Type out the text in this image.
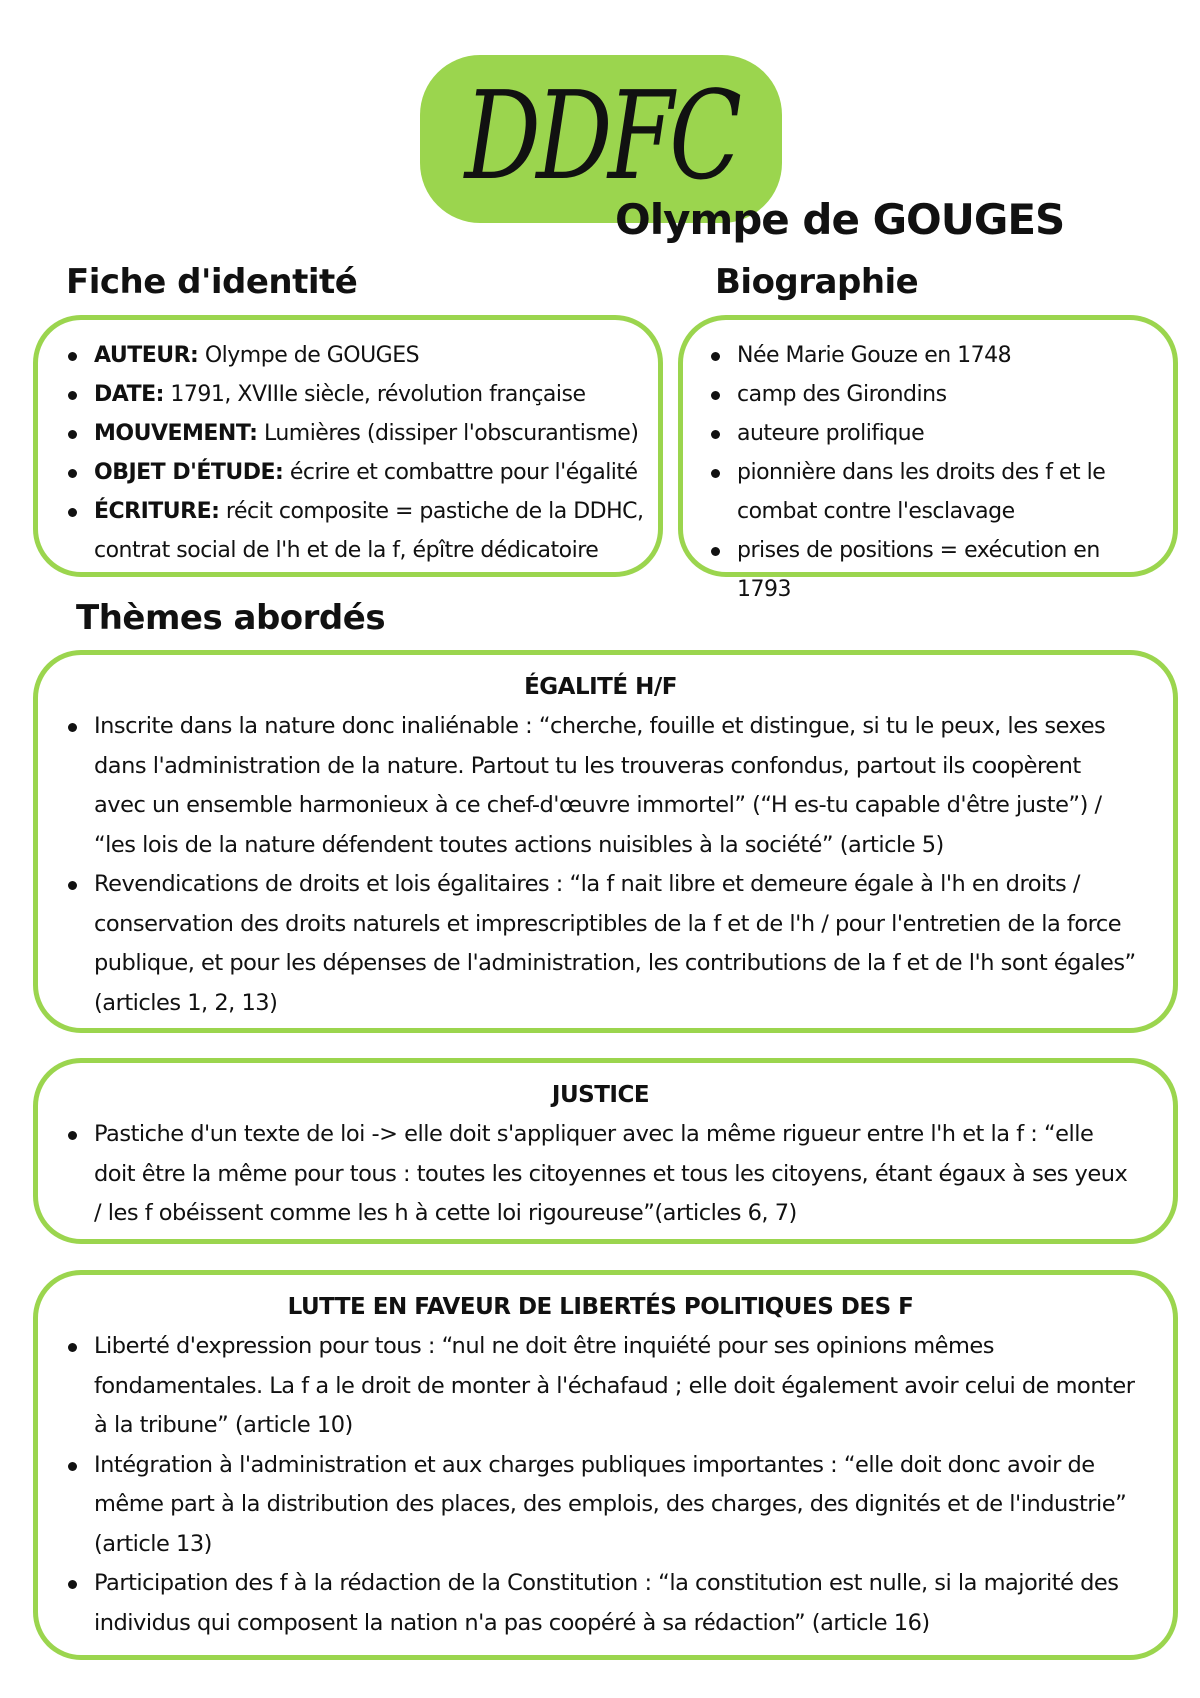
DDFC
Olympe de GOUGES
Fiche d'identité	Biographie
AUTEUR: Olympe de GOUGES
DATE: 1791, XVIIIe siècle, révolution française
MOUVEMENT: Lumières (dissiper l'obscurantisme)
OBJET D'ÉTUDE: écrire et combattre pour l'égalité
ÉCRITURE: récit composite = pastiche de la DDHC, contrat social de l'h et de la f, épître dédicatoire
Née Marie Gouze en 1748
camp des Girondins
auteure prolifique
pionnière dans les droits des f et le combat contre l'esclavage
prises de positions = exécution en 1793
Thèmes abordés
ÉGALITÉ H/F
Inscrite dans la nature donc inaliénable : “cherche, fouille et distingue, si tu le peux, les sexes dans l'administration de la nature. Partout tu les trouveras confondus, partout ils coopèrent avec un ensemble harmonieux à ce chef-d'œuvre immortel” (“H es-tu capable d'être juste”) / “les lois de la nature défendent toutes actions nuisibles à la société” (article 5)
Revendications de droits et lois égalitaires : “la f nait libre et demeure égale à l'h en droits / conservation des droits naturels et imprescriptibles de la f et de l'h / pour l'entretien de la force publique, et pour les dépenses de l'administration, les contributions de la f et de l'h sont égales” (articles 1, 2, 13)
JUSTICE
Pastiche d'un texte de loi -> elle doit s'appliquer avec la même rigueur entre l'h et la f : “elle doit être la même pour tous : toutes les citoyennes et tous les citoyens, étant égaux à ses yeux / les f obéissent comme les h à cette loi rigoureuse”(articles 6, 7)
LUTTE EN FAVEUR DE LIBERTÉS POLITIQUES DES F
Liberté d'expression pour tous : “nul ne doit être inquiété pour ses opinions mêmes fondamentales. La f a le droit de monter à l'échafaud ; elle doit également avoir celui de monter à la tribune” (article 10)
Intégration à l'administration et aux charges publiques importantes : “elle doit donc avoir de même part à la distribution des places, des emplois, des charges, des dignités et de l'industrie” (article 13)
Participation des f à la rédaction de la Constitution : “la constitution est nulle, si la majorité des individus qui composent la nation n'a pas coopéré à sa rédaction” (article 16)
